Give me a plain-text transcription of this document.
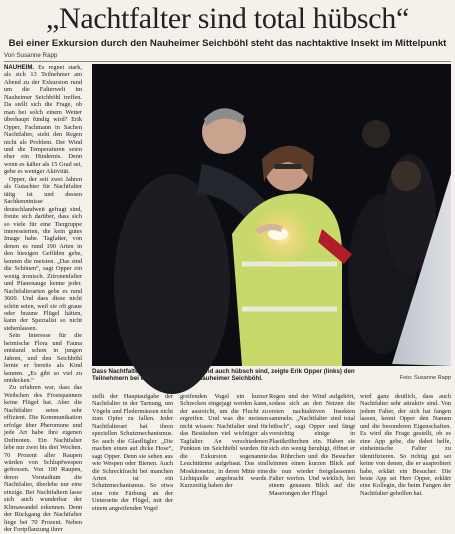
„Nachtfalter sind total hübsch“
Bei einer Exkursion durch den Nauheimer Seichböhl steht das nachtaktive Insekt im Mittelpunkt
Von Susanne Rapp

NAUHEIM. Es regnet stark, als sich 13 Teilnehmer am Abend zu der Exkursion rund um die Falterwelt im Nauheimer Seichböhl treffen. Da stellt sich die Frage, ob man bei solch einem Wetter überhaupt fündig wird? Erik Opper, Fachmann in Sachen Nachtfalter, sieht den Regen nicht als Problem. Der Wind und die Temperaturen seien eher ein Hindernis. Denn wenn es kälter als 15 Grad sei, gebe es weniger Aktivität.

Opper, der seit zwei Jahren als Gutachter für Nachtfalter tätig ist und dessen Sachkenntnisse deutschlandweit gefragt sind, freute sich darüber, dass sich so viele für eine Tiergruppe interessierten, die kein gutes Image habe. Tagfalter, von denen es rund 190 Arten in den hiesigen Gefilden gebe, kennen die meisten. „Das sind die Schönen“, sagt Opper ein wenig ironisch. Zitronenfalter und Pfauenauge kenne jeder. Nachtfalterarten gebe es rund 3600. Und dass diese nicht schön seien, weil sie oft graue oder braune Flügel hätten, kann der Spezialist so nicht stehenlassen.

Sein Interesse für die heimische Flora und Fauna entstand schon in jungen Jahren, und den Seichböhl lernte er bereits als Kind kennen. „Es gibt so viel zu entdecken.“

Zu erfahren war, dass das Weibchen des Frostspanners keine Flügel hat. Aber die Nachtfalter seien sehr effizient. Die Kommunikation erfolge über Pheromone und jede Art habe ihre eigenen Duftnoten. Ein Nachtfalter lebe nur zwei bis drei Wochen. 70 Prozent aller Raupen würden von Schlupfwespen gefressen. Von 100 Raupen, deren Vorstadium die Nachtfalter, überlebe nur eine einzige. Bei Nachtfaltern lasse sich auch wunderbar der Klimawandel erkennen. Denn der Rückgang der Nachtfalter liege bei 70 Prozent. Neben der Fortpflanzung ihrer

Dass Nachtfalter interessant, wichtig und auch hübsch sind, zeigte Erik Opper (links) den Teilnehmern bei einer Exkursion im Nauheimer Seichböhl.	Foto: Susanne Rapp
stellt der Hauptaufgabe der Nachtfalter in der Tarnung, um Vögeln und Fledermäusen nicht zum Opfer zu fallen. Jeder Nachtfalterart hat ihren speziellen Schutzmechanismus. So auch die Glasflügler. „Die machen einen auf dicke Hose“, sagt Opper. Denn sie sehen aus wie Wespen oder Bienen. Auch die Schreckfracht bei manchen Arten ist ein Schutzmechanismus. So etwa eine rote Färbung an der Unterseite der Flügel, mit der einem angreifenden Vogel
greifenden Vogel ein kurzer Schrecken eingejagt werden kann, der ausreicht, um die Flucht zu ergreifen. Und was die meisten nicht wissen: Nachtfalter sind für das Bestäuben viel wichtiger als Tagfalter. An verschiedenen Punkten im Seichböhl wurden für die Exkursion sogenannte Leuchttürme aufgebaut. Das sind Moskitonetze, in deren Mitte eine Lichtquelle angebracht wurde. Kurzzeitig haben der
Regen und der Wind aufgehört, sodass sich an den Netzen die ersten nachtaktiven Insekten sammeln. „Nachtfalter sind total hübsch“, sagt Opper und fängt vorsichtig einige in Plastikröhrchen ein. Haben sie sich ein wenig beruhigt, öffnet er das Röhrchen und die Besucher können einen kurzen Blick auf die nun wieder freigelassenen Falter werfen. Und wirklich, bei einem genauen Blick auf die Maserungen der Flügel
wird ganz deutlich, dass auch Nachtfalter sehr attraktiv sind. Von jedem Falter, der sich hat fangen lassen, kennt Opper den Namen und die besonderen Eigenschaften. Es wird die Frage gestellt, ob es eine App gebe, die dabei helfe, einheimische Falter zu identifizieren. So richtig gut sei keine von denen, die er ausprobiert habe, erklärt ein Besucher. Die beste App sei Herr Opper, erklärt eine Kollegin, die beim Fangen der Nachtfalter geholfen hat.
